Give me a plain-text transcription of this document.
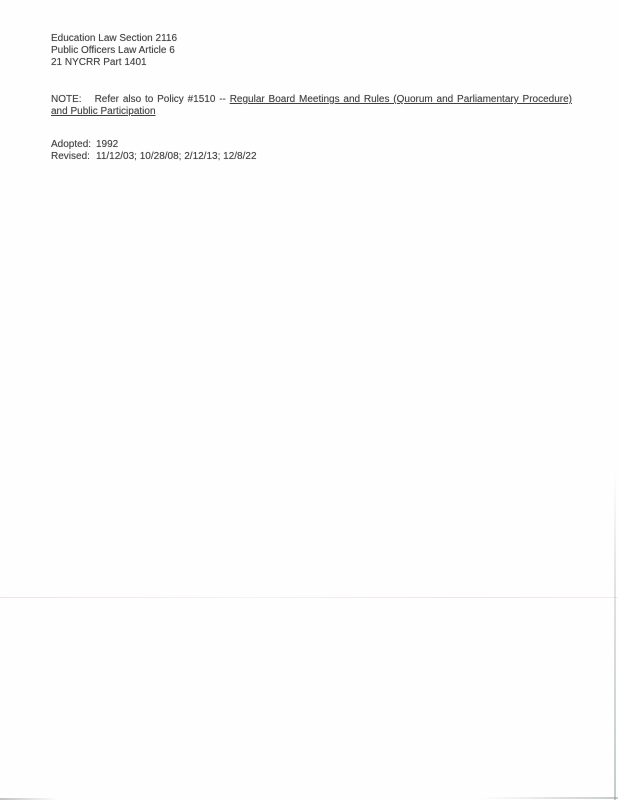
Education Law Section 2116
Public Officers Law Article 6
21 NYCRR Part 1401

NOTE: Refer also to Policy #1510 -- Regular Board Meetings and Rules (Quorum and Parliamentary Procedure) and Public Participation

Adopted: 1992
Revised: 11/12/03; 10/28/08; 2/12/13; 12/8/22
